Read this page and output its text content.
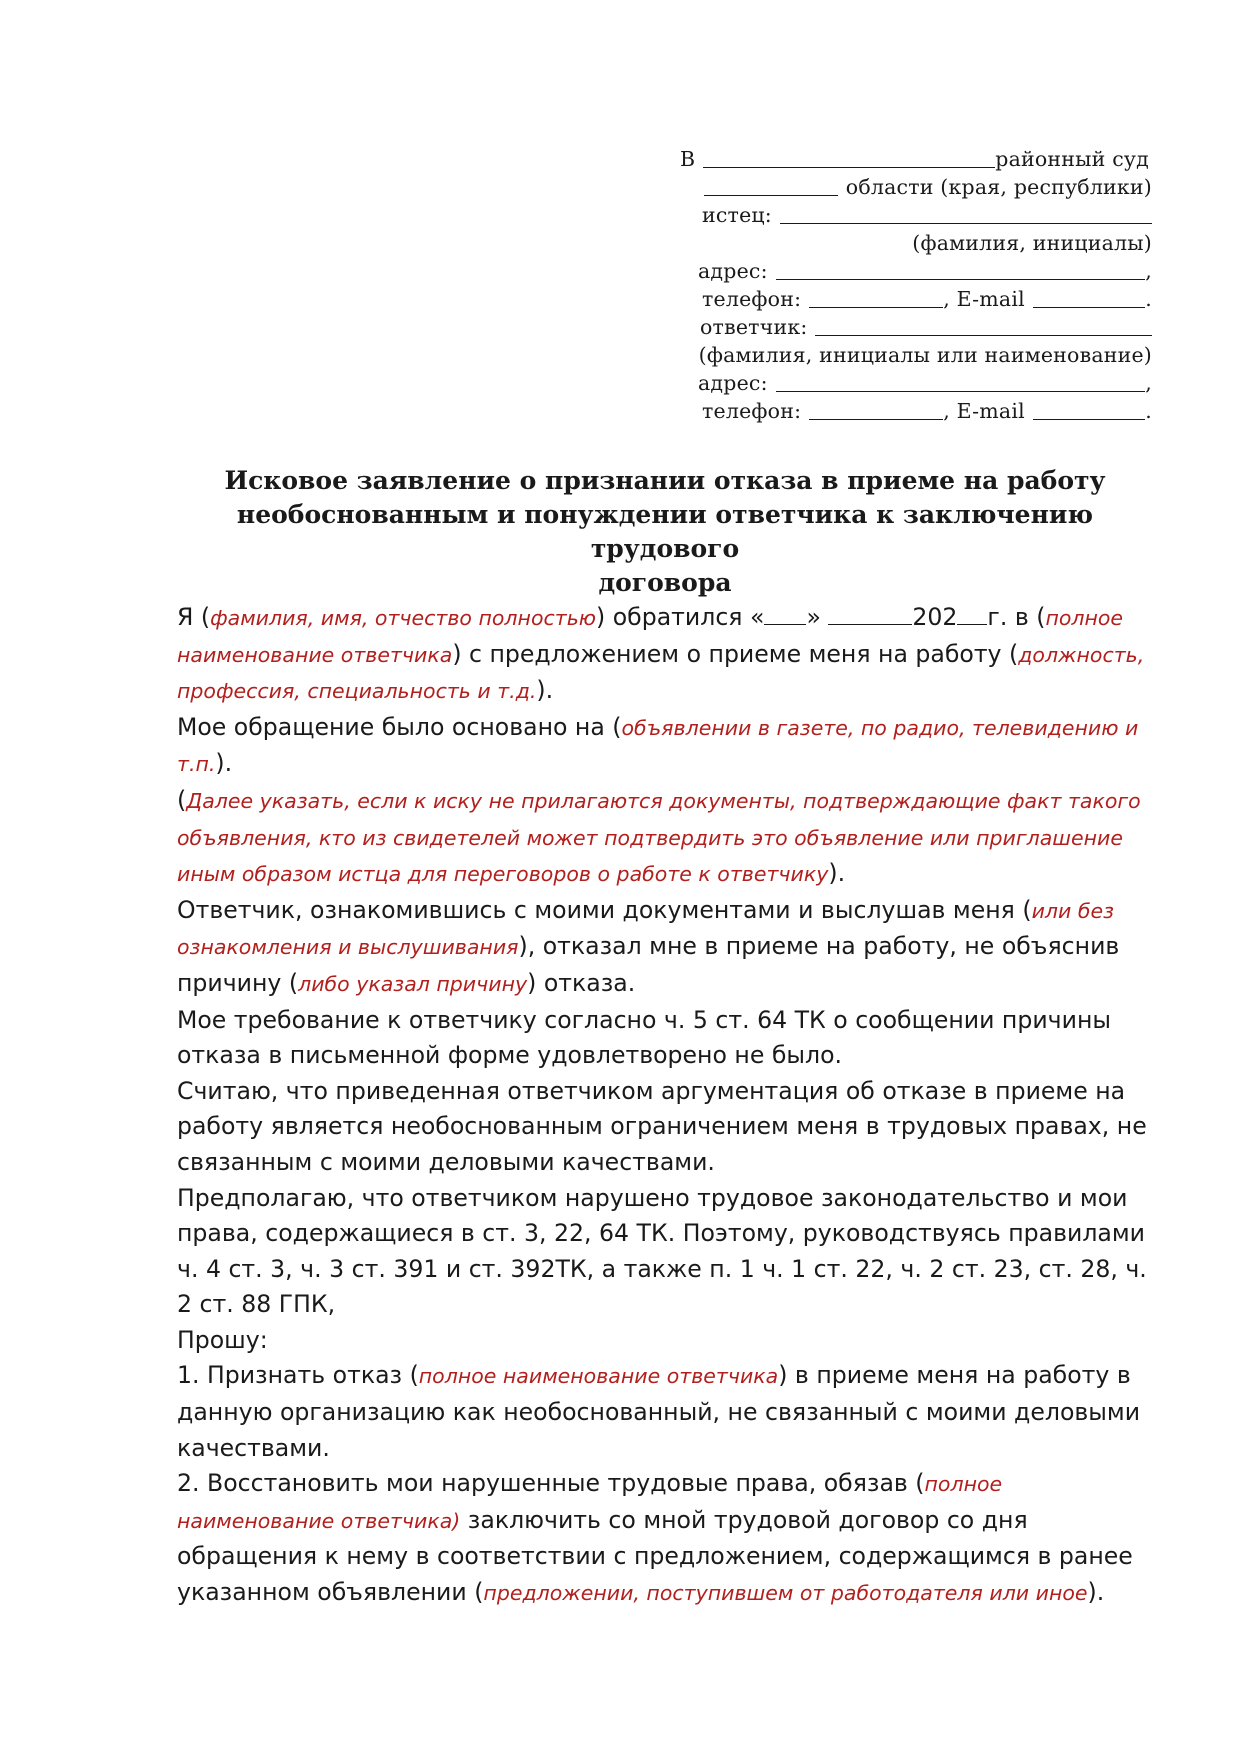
В	районный суд
области (края, республики)
истец:
(фамилия, инициалы)
адрес:	,
телефон:	, E-mail	.
ответчик:
(фамилия, инициалы или наименование)
адрес:	,
телефон:	, E-mail	.
Исковое заявление о признании отказа в приеме на работу
необоснованным и понуждении ответчика к заключению трудового
договора

Я (фамилия, имя, отчество полностью) обратился « »	202 г. в (полное наименование ответчика) с предложением о приеме меня на работу (должность, профессия, специальность и т.д.).

Мое обращение было основано на (объявлении в газете, по радио, телевидению и т.п.).

(Далее указать, если к иску не прилагаются документы, подтверждающие факт такого объявления, кто из свидетелей может подтвердить это объявление или приглашение иным образом истца для переговоров о работе к ответчику).

Ответчик, ознакомившись с моими документами и выслушав меня (или без ознакомления и выслушивания), отказал мне в приеме на работу, не объяснив причину (либо указал причину) отказа.

Мое требование к ответчику согласно ч. 5 ст. 64 ТК о сообщении причины отказа в письменной форме удовлетворено не было.

Считаю, что приведенная ответчиком аргументация об отказе в приеме на работу является необоснованным ограничением меня в трудовых правах, не связанным с моими деловыми качествами.

Предполагаю, что ответчиком нарушено трудовое законодательство и мои права, содержащиеся в ст. 3, 22, 64 ТК. Поэтому, руководствуясь правилами ч. 4 ст. 3, ч. 3 ст. 391 и ст. 392ТК, а также п. 1 ч. 1 ст. 22, ч. 2 ст. 23, ст. 28, ч. 2 ст. 88 ГПК,

Прошу:

1. Признать отказ (полное наименование ответчика) в приеме меня на работу в данную организацию как необоснованный, не связанный с моими деловыми качествами.

2. Восстановить мои нарушенные трудовые права, обязав (полное наименование ответчика) заключить со мной трудовой договор со дня обращения к нему в соответствии с предложением, содержащимся в ранее указанном объявлении (предложении, поступившем от работодателя или иное).
